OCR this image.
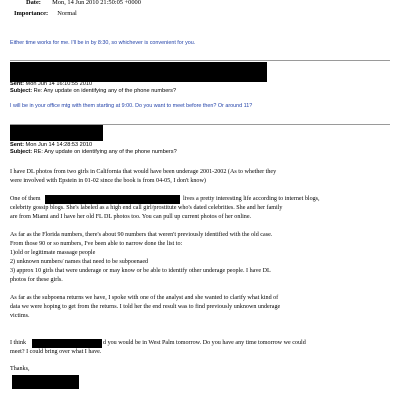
Date: Mon, 14 Jun 2010 21:50:05 +0000
Importance: Normal
Either time works for me. I'll be in by 8:30, so whichever is convenient for you.
Sent: Mon Jun 14 16:10:55 2010
Subject: Re: Any update on identifying any of the phone numbers?
I will be in your office mtg with them starting at 9:00. Do you want to meet before then? Or around 11?
Sent: Mon Jun 14 14:28:53 2010
Subject: RE: Any update on identifying any of the phone numbers?
I have DL photos from two girls in California that would have been underage 2001-2002 (As to whether they
were involved with Epstein in 01-02 since the book is from 04-05, I don't know)
One of them	lives a pretty interesting life according to internet blogs,
celebrity gossip blogs. She's labeled as a high end call girl/prostitute who's dated celebrities. She and her family
are from Miami and I have her old FL DL photos too. You can pull up current photos of her online.
As far as the Florida numbers, there's about 90 numbers that weren't previously identified with the old case.
From those 90 or so numbers, I've been able to narrow done the list to:
1)old or legitimate massage people
2) unknown numbers/ names that need to be subpoenaed
3) approx 10 girls that were underage or may know or be able to identify other underage people. I have DL
photos for these girls.
As far as the subpoena returns we have, I spoke with one of the analyst and she wanted to clarify what kind of
data we were hoping to get from the returns. I told her the end result was to find previously unknown underage
victims.
I think	d you would be in West Palm tomorrow. Do you have any time tomorrow we could
meet? I could bring over what I have.
Thanks,
